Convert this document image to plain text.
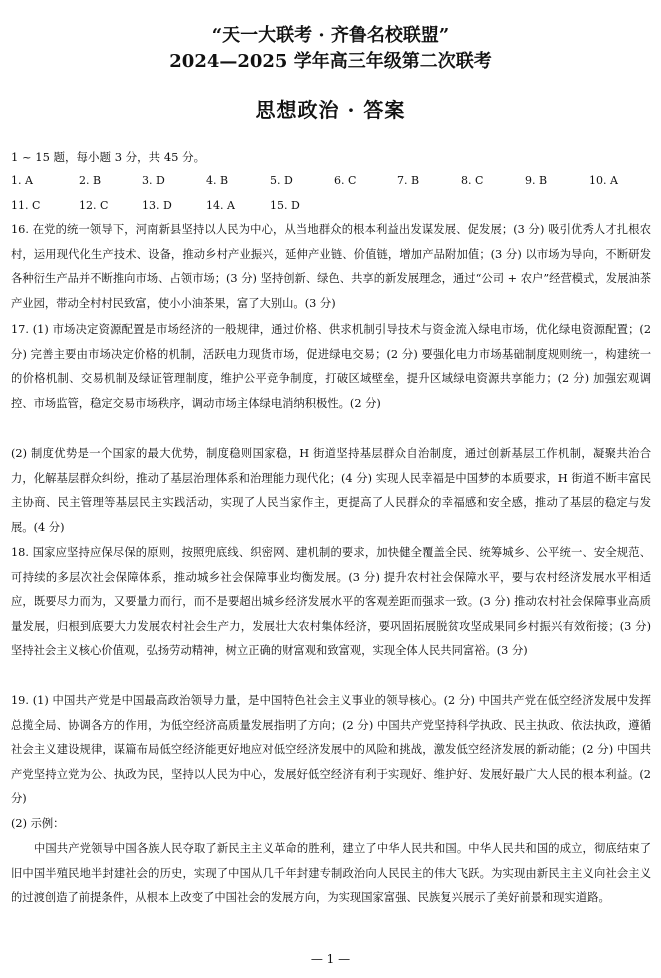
“天一大联考 · 齐鲁名校联盟”
2024—2025 学年高三年级第二次联考
思想政治 · 答案
1 ~ 15 题，每小题 3 分，共 45 分。
1. A	2. B	3. D	4. B	5. D	6. C	7. B	8. C	9. B	10. A
11. C	12. C	13. D	14. A	15. D
16. 在党的统一领导下，河南新县坚持以人民为中心，从当地群众的根本利益出发谋发展、促发展；(3 分) 吸引优秀人才扎根农村，运用现代化生产技术、设备，推动乡村产业振兴，延伸产业链、价值链，增加产品附加值；(3 分) 以市场为导向，不断研发各种衍生产品并不断推向市场、占领市场；(3 分) 坚持创新、绿色、共享的新发展理念，通过“公司 + 农户”经营模式，发展油茶产业园，带动全村村民致富，使小小油茶果，富了大别山。(3 分)
17. (1) 市场决定资源配置是市场经济的一般规律，通过价格、供求机制引导技术与资金流入绿电市场，优化绿电资源配置；(2 分) 完善主要由市场决定价格的机制，活跃电力现货市场，促进绿电交易；(2 分) 要强化电力市场基础制度规则统一，构建统一的价格机制、交易机制及绿证管理制度，维护公平竞争制度，打破区域壁垒，提升区域绿电资源共享能力；(2 分) 加强宏观调控、市场监管，稳定交易市场秩序，调动市场主体绿电消纳积极性。(2 分)
(2) 制度优势是一个国家的最大优势，制度稳则国家稳，H 街道坚持基层群众自治制度，通过创新基层工作机制，凝聚共治合力，化解基层群众纠纷，推动了基层治理体系和治理能力现代化；(4 分) 实现人民幸福是中国梦的本质要求，H 街道不断丰富民主协商、民主管理等基层民主实践活动，实现了人民当家作主，更提高了人民群众的幸福感和安全感，推动了基层的稳定与发展。(4 分)
18. 国家应坚持应保尽保的原则，按照兜底线、织密网、建机制的要求，加快健全覆盖全民、统筹城乡、公平统一、安全规范、可持续的多层次社会保障体系，推动城乡社会保障事业均衡发展。(3 分) 提升农村社会保障水平，要与农村经济发展水平相适应，既要尽力而为，又要量力而行，而不是要超出城乡经济发展水平的客观差距而强求一致。(3 分) 推动农村社会保障事业高质量发展，归根到底要大力发展农村社会生产力，发展壮大农村集体经济，要巩固拓展脱贫攻坚成果同乡村振兴有效衔接；(3 分) 坚持社会主义核心价值观，弘扬劳动精神，树立正确的财富观和致富观，实现全体人民共同富裕。(3 分)
19. (1) 中国共产党是中国最高政治领导力量，是中国特色社会主义事业的领导核心。(2 分) 中国共产党在低空经济发展中发挥总揽全局、协调各方的作用，为低空经济高质量发展指明了方向；(2 分) 中国共产党坚持科学执政、民主执政、依法执政，遵循社会主义建设规律，谋篇布局低空经济能更好地应对低空经济发展中的风险和挑战，激发低空经济发展的新动能；(2 分) 中国共产党坚持立党为公、执政为民，坚持以人民为中心，发展好低空经济有利于实现好、维护好、发展好最广大人民的根本利益。(2 分)
(2) 示例：
中国共产党领导中国各族人民夺取了新民主主义革命的胜利，建立了中华人民共和国。中华人民共和国的成立，彻底结束了旧中国半殖民地半封建社会的历史，实现了中国从几千年封建专制政治向人民民主的伟大飞跃。为实现由新民主主义向社会主义的过渡创造了前提条件，从根本上改变了中国社会的发展方向，为实现国家富强、民族复兴展示了美好前景和现实道路。
— 1 —
